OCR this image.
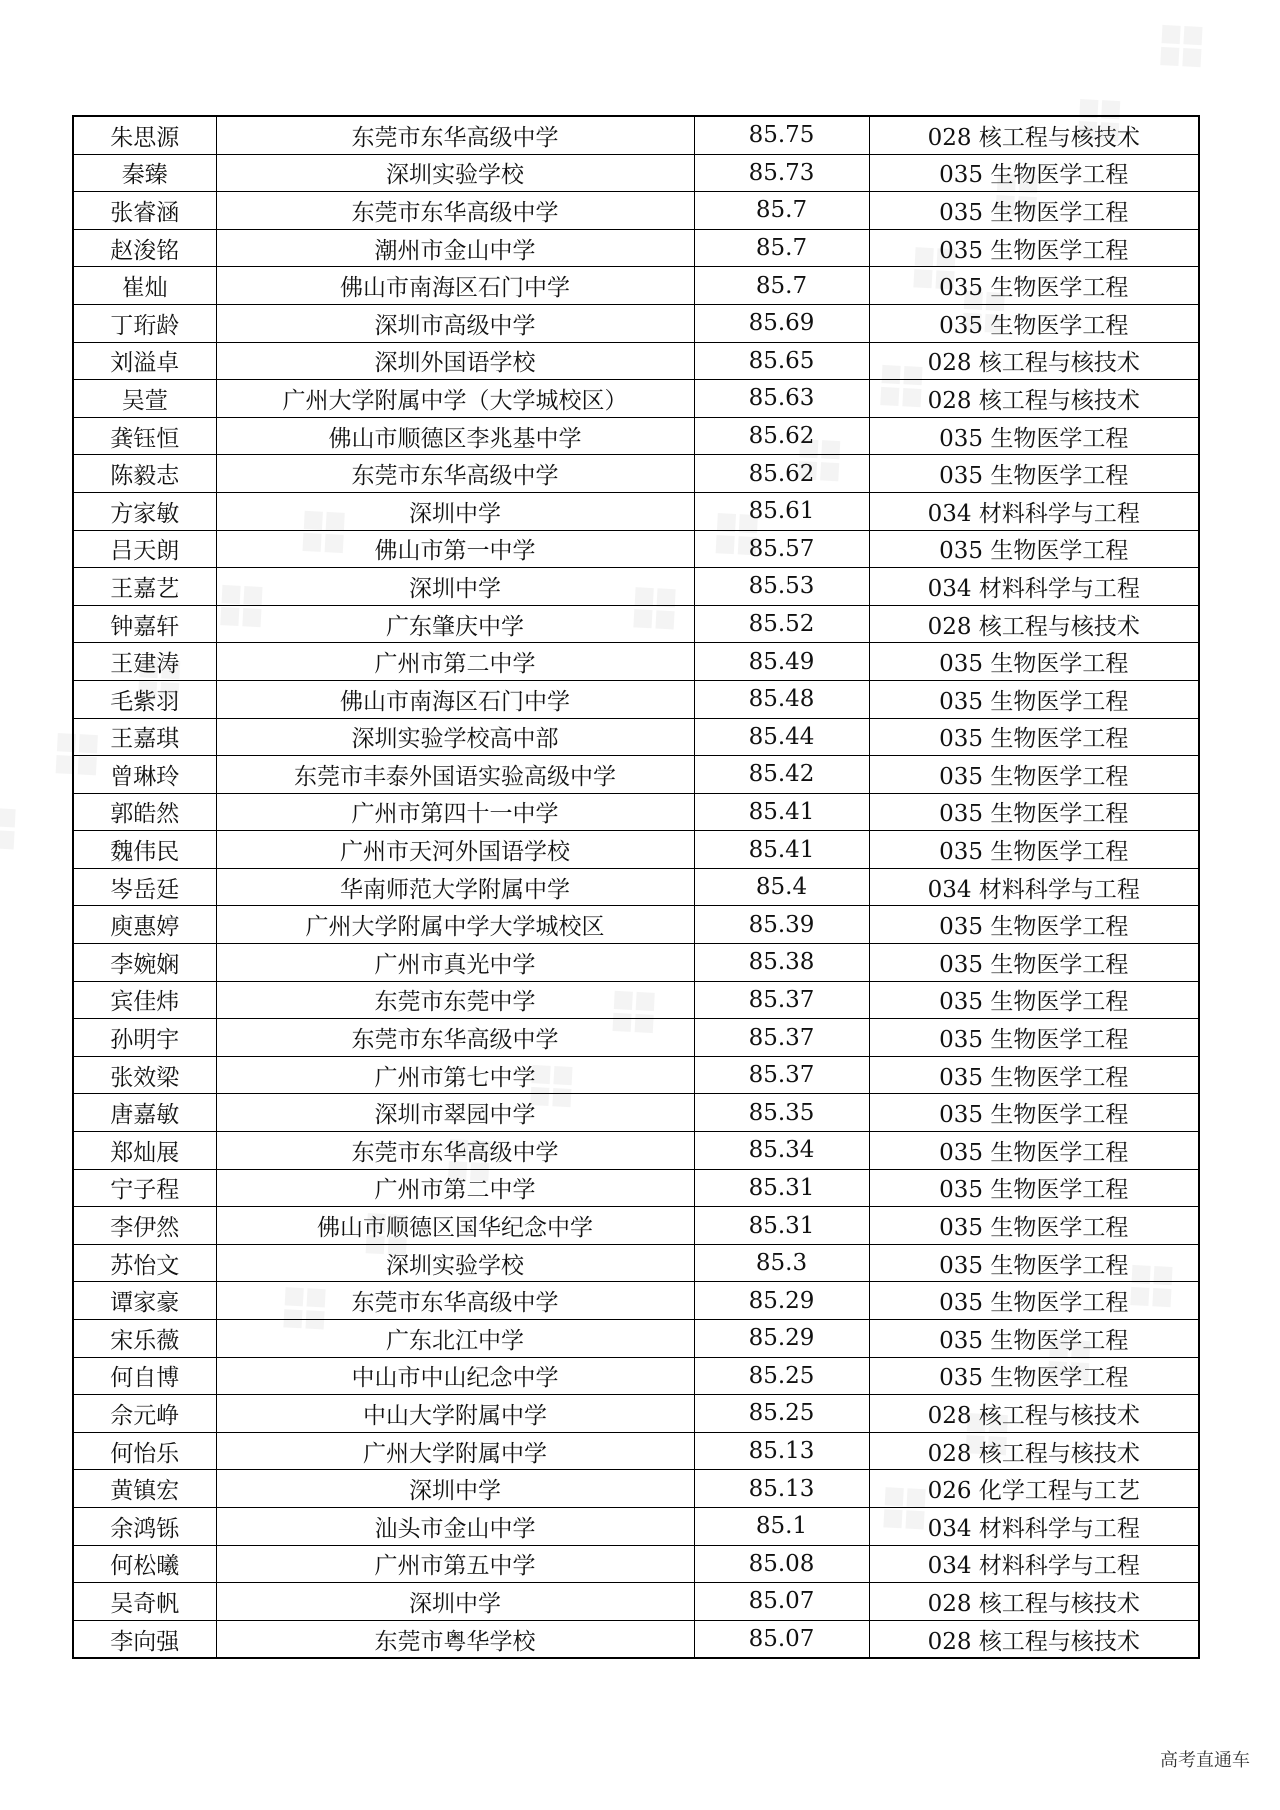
朱思源	东莞市东华高级中学	85.75	028 核工程与核技术
秦臻	深圳实验学校	85.73	035 生物医学工程
张睿涵	东莞市东华高级中学	85.7	035 生物医学工程
赵浚铭	潮州市金山中学	85.7	035 生物医学工程
崔灿	佛山市南海区石门中学	85.7	035 生物医学工程
丁珩龄	深圳市高级中学	85.69	035 生物医学工程
刘溢卓	深圳外国语学校	85.65	028 核工程与核技术
吴萱	广州大学附属中学（大学城校区）	85.63	028 核工程与核技术
龚钰恒	佛山市顺德区李兆基中学	85.62	035 生物医学工程
陈毅志	东莞市东华高级中学	85.62	035 生物医学工程
方家敏	深圳中学	85.61	034 材料科学与工程
吕天朗	佛山市第一中学	85.57	035 生物医学工程
王嘉艺	深圳中学	85.53	034 材料科学与工程
钟嘉轩	广东肇庆中学	85.52	028 核工程与核技术
王建涛	广州市第二中学	85.49	035 生物医学工程
毛紫羽	佛山市南海区石门中学	85.48	035 生物医学工程
王嘉琪	深圳实验学校高中部	85.44	035 生物医学工程
曾琳玲	东莞市丰泰外国语实验高级中学	85.42	035 生物医学工程
郭皓然	广州市第四十一中学	85.41	035 生物医学工程
魏伟民	广州市天河外国语学校	85.41	035 生物医学工程
岑岳廷	华南师范大学附属中学	85.4	034 材料科学与工程
庾惠婷	广州大学附属中学大学城校区	85.39	035 生物医学工程
李婉娴	广州市真光中学	85.38	035 生物医学工程
宾佳炜	东莞市东莞中学	85.37	035 生物医学工程
孙明宇	东莞市东华高级中学	85.37	035 生物医学工程
张效梁	广州市第七中学	85.37	035 生物医学工程
唐嘉敏	深圳市翠园中学	85.35	035 生物医学工程
郑灿展	东莞市东华高级中学	85.34	035 生物医学工程
宁子程	广州市第二中学	85.31	035 生物医学工程
李伊然	佛山市顺德区国华纪念中学	85.31	035 生物医学工程
苏怡文	深圳实验学校	85.3	035 生物医学工程
谭家豪	东莞市东华高级中学	85.29	035 生物医学工程
宋乐薇	广东北江中学	85.29	035 生物医学工程
何自博	中山市中山纪念中学	85.25	035 生物医学工程
佘元峥	中山大学附属中学	85.25	028 核工程与核技术
何怡乐	广州大学附属中学	85.13	028 核工程与核技术
黄镇宏	深圳中学	85.13	026 化学工程与工艺
余鸿铄	汕头市金山中学	85.1	034 材料科学与工程
何松曦	广州市第五中学	85.08	034 材料科学与工程
吴奇帆	深圳中学	85.07	028 核工程与核技术
李向强	东莞市粤华学校	85.07	028 核工程与核技术
高考直通车
